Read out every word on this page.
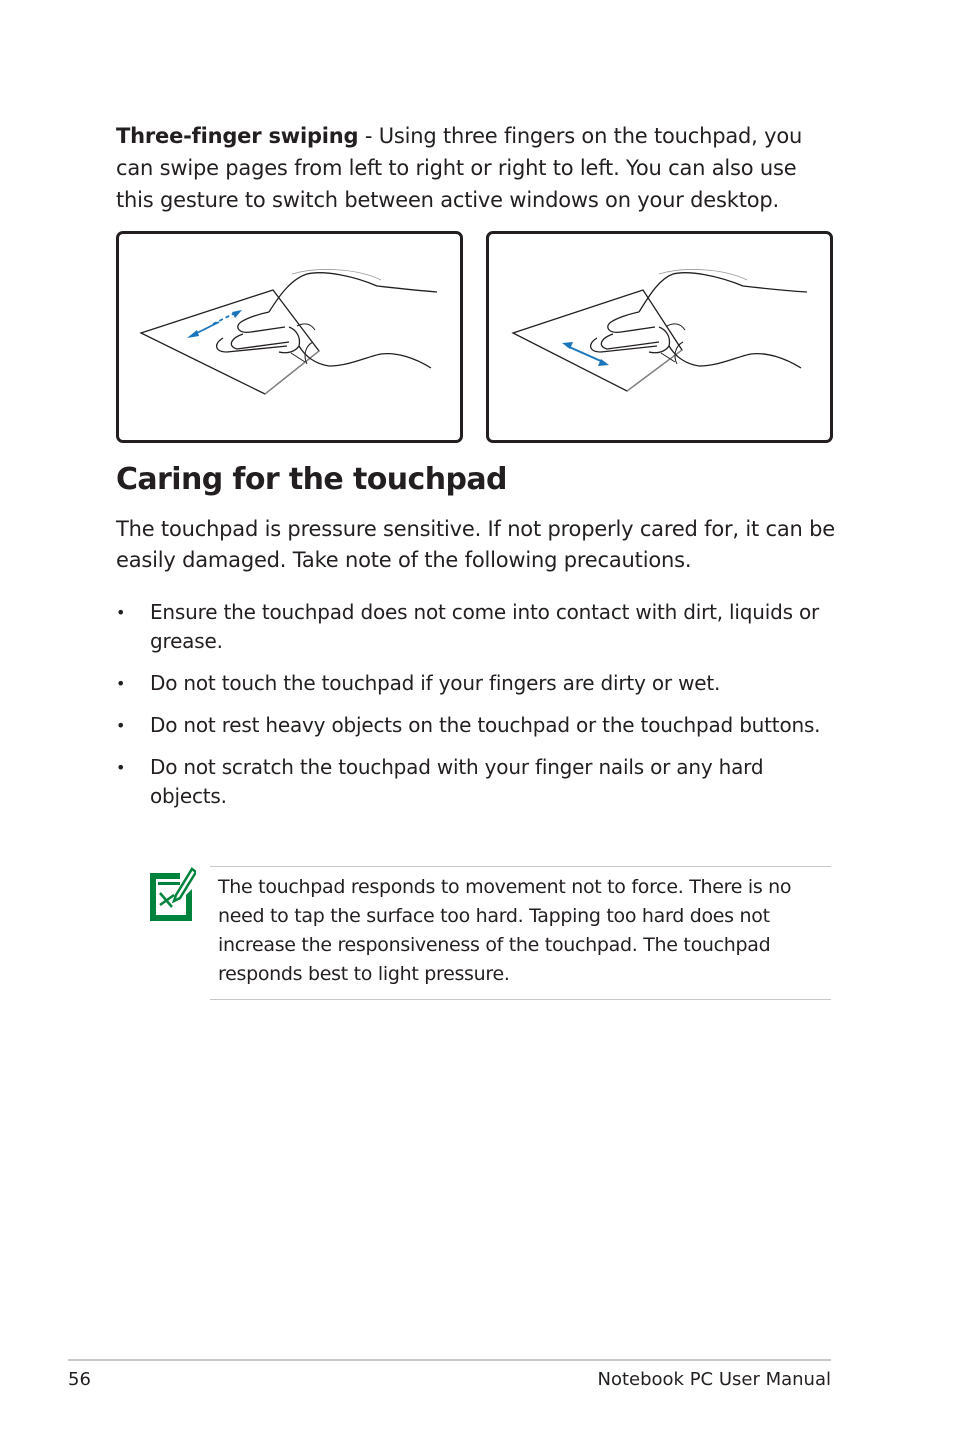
Three-finger swiping - Using three fingers on the touchpad, you can swipe pages from left to right or right to left. You can also use this gesture to switch between active windows on your desktop.

Caring for the touchpad

The touchpad is pressure sensitive. If not properly cared for, it can be easily damaged. Take note of the following precautions.

• Ensure the touchpad does not come into contact with dirt, liquids or grease.
• Do not touch the touchpad if your fingers are dirty or wet.
• Do not rest heavy objects on the touchpad or the touchpad buttons.
• Do not scratch the touchpad with your finger nails or any hard objects.

The touchpad responds to movement not to force. There is no need to tap the surface too hard. Tapping too hard does not increase the responsiveness of the touchpad. The touchpad responds best to light pressure.

56	Notebook PC User Manual
